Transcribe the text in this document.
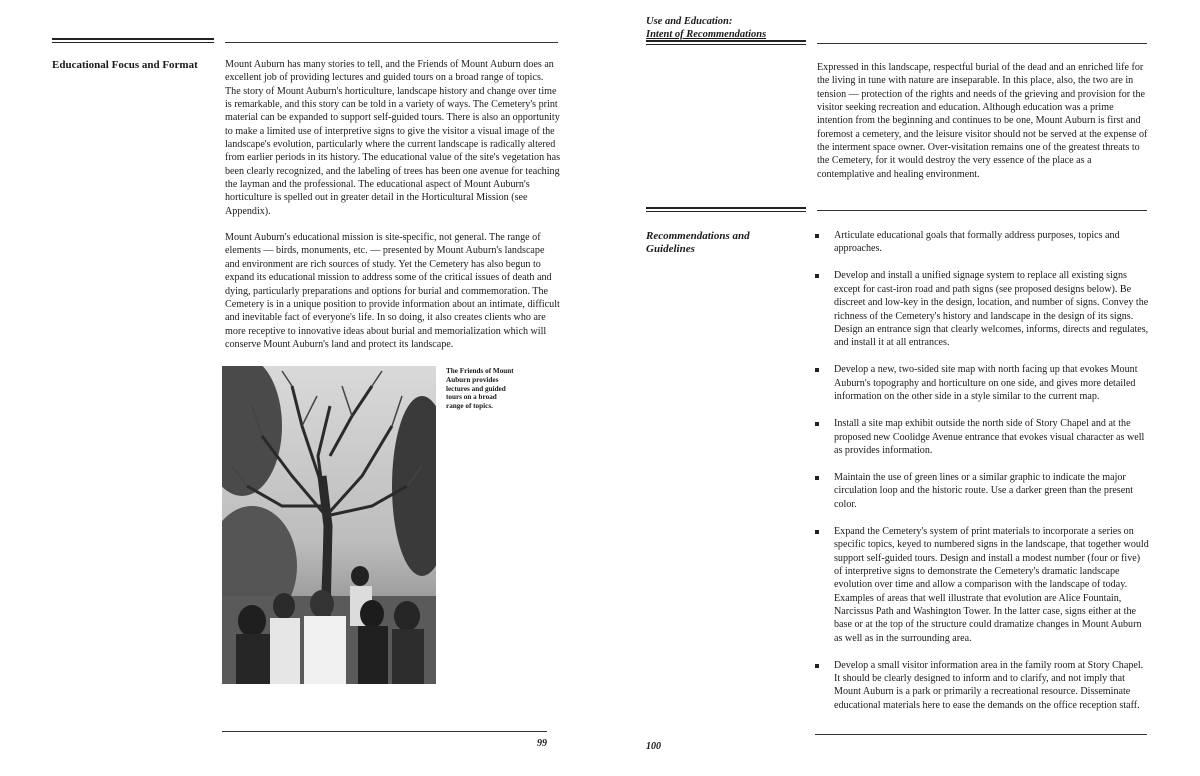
Educational Focus and Format	Mount Auburn has many stories to tell, and the Friends of Mount Auburn does an excellent job of providing lectures and guided tours on a broad range of topics. The story of Mount Auburn's horticulture, landscape history and change over time is remarkable, and this story can be told in a variety of ways. The Cemetery's print material can be expanded to support self-guided tours. There is also an opportunity to make a limited use of interpretive signs to give the visitor a visual image of the landscape's evolution, particularly where the current landscape is radically altered from earlier periods in its history. The educational value of the site's vegetation has been clearly recognized, and the labeling of trees has been one avenue for teaching the layman and the professional. The educational aspect of Mount Auburn's horticulture is spelled out in greater detail in the Horticultural Mission (see Appendix).

Mount Auburn's educational mission is site-specific, not general. The range of elements — birds, monuments, etc. — presented by Mount Auburn's landscape and environment are rich sources of study. Yet the Cemetery has also begun to expand its educational mission to address some of the critical issues of death and dying, particularly preparations and options for burial and commemoration. The Cemetery is in a unique position to provide information about an intimate, difficult and inevitable fact of everyone's life. In so doing, it also creates clients who are more receptive to innovative ideas about burial and memorialization which will conserve Mount Auburn's land and protect its landscape.

The Friends of Mount Auburn provides lectures and guided tours on a broad range of topics.
99
Use and Education:
Intent of Recommendations

Expressed in this landscape, respectful burial of the dead and an enriched life for the living in tune with nature are inseparable. In this place, also, the two are in tension — protection of the rights and needs of the grieving and provision for the visitor seeking recreation and education. Although education was a prime intention from the beginning and continues to be one, Mount Auburn is first and foremost a cemetery, and the leisure visitor should not be served at the expense of the interment space owner. Over-visitation remains one of the greatest threats to the Cemetery, for it would destroy the very essence of the place as a contemplative and healing environment.

Recommendations and
Guidelines
Articulate educational goals that formally address purposes, topics and approaches.
Develop and install a unified signage system to replace all existing signs except for cast-iron road and path signs (see proposed designs below). Be discreet and low-key in the design, location, and number of signs. Convey the richness of the Cemetery's history and landscape in the design of its signs. Design an entrance sign that clearly welcomes, informs, directs and regulates, and install it at all entrances.
Develop a new, two-sided site map with north facing up that evokes Mount Auburn's topography and horticulture on one side, and gives more detailed information on the other side in a style similar to the current map.
Install a site map exhibit outside the north side of Story Chapel and at the proposed new Coolidge Avenue entrance that evokes visual character as well as provides information.
Maintain the use of green lines or a similar graphic to indicate the major circulation loop and the historic route. Use a darker green than the present color.
Expand the Cemetery's system of print materials to incorporate a series on specific topics, keyed to numbered signs in the landscape, that together would support self-guided tours. Design and install a modest number (four or five) of interpretive signs to demonstrate the Cemetery's dramatic landscape evolution over time and allow a comparison with the landscape of today. Examples of areas that well illustrate that evolution are Alice Fountain, Narcissus Path and Washington Tower. In the latter case, signs either at the base or at the top of the structure could dramatize changes in Mount Auburn as well as in the surrounding area.
Develop a small visitor information area in the family room at Story Chapel. It should be clearly designed to inform and to clarify, and not imply that Mount Auburn is a park or primarily a recreational resource. Disseminate educational materials here to ease the demands on the office reception staff.
100
